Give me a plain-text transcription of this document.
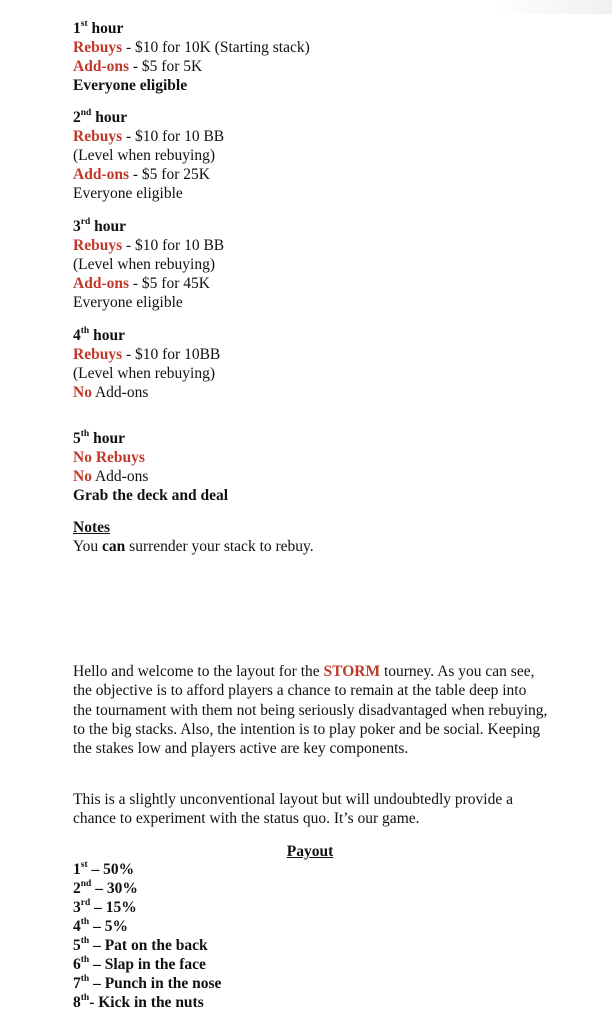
1st hour
Rebuys - $10 for 10K (Starting stack)
Add-ons - $5 for 5K
Everyone eligible
2nd hour
Rebuys - $10 for 10 BB
(Level when rebuying)
Add-ons - $5 for 25K
Everyone eligible
3rd hour
Rebuys - $10 for 10 BB
(Level when rebuying)
Add-ons - $5 for 45K
Everyone eligible
4th hour
Rebuys - $10 for 10BB
(Level when rebuying)
No Add-ons
5th hour
No Rebuys
No Add-ons
Grab the deck and deal
Notes
You can surrender your stack to rebuy.
Hello and welcome to the layout for the STORM tourney. As you can see, the objective is to afford players a chance to remain at the table deep into the tournament with them not being seriously disadvantaged when rebuying, to the big stacks. Also, the intention is to play poker and be social. Keeping the stakes low and players active are key components.
This is a slightly unconventional layout but will undoubtedly provide a chance to experiment with the status quo. It’s our game.
Payout
1st – 50%
2nd – 30%
3rd – 15%
4th – 5%
5th – Pat on the back
6th – Slap in the face
7th – Punch in the nose
8th- Kick in the nuts
